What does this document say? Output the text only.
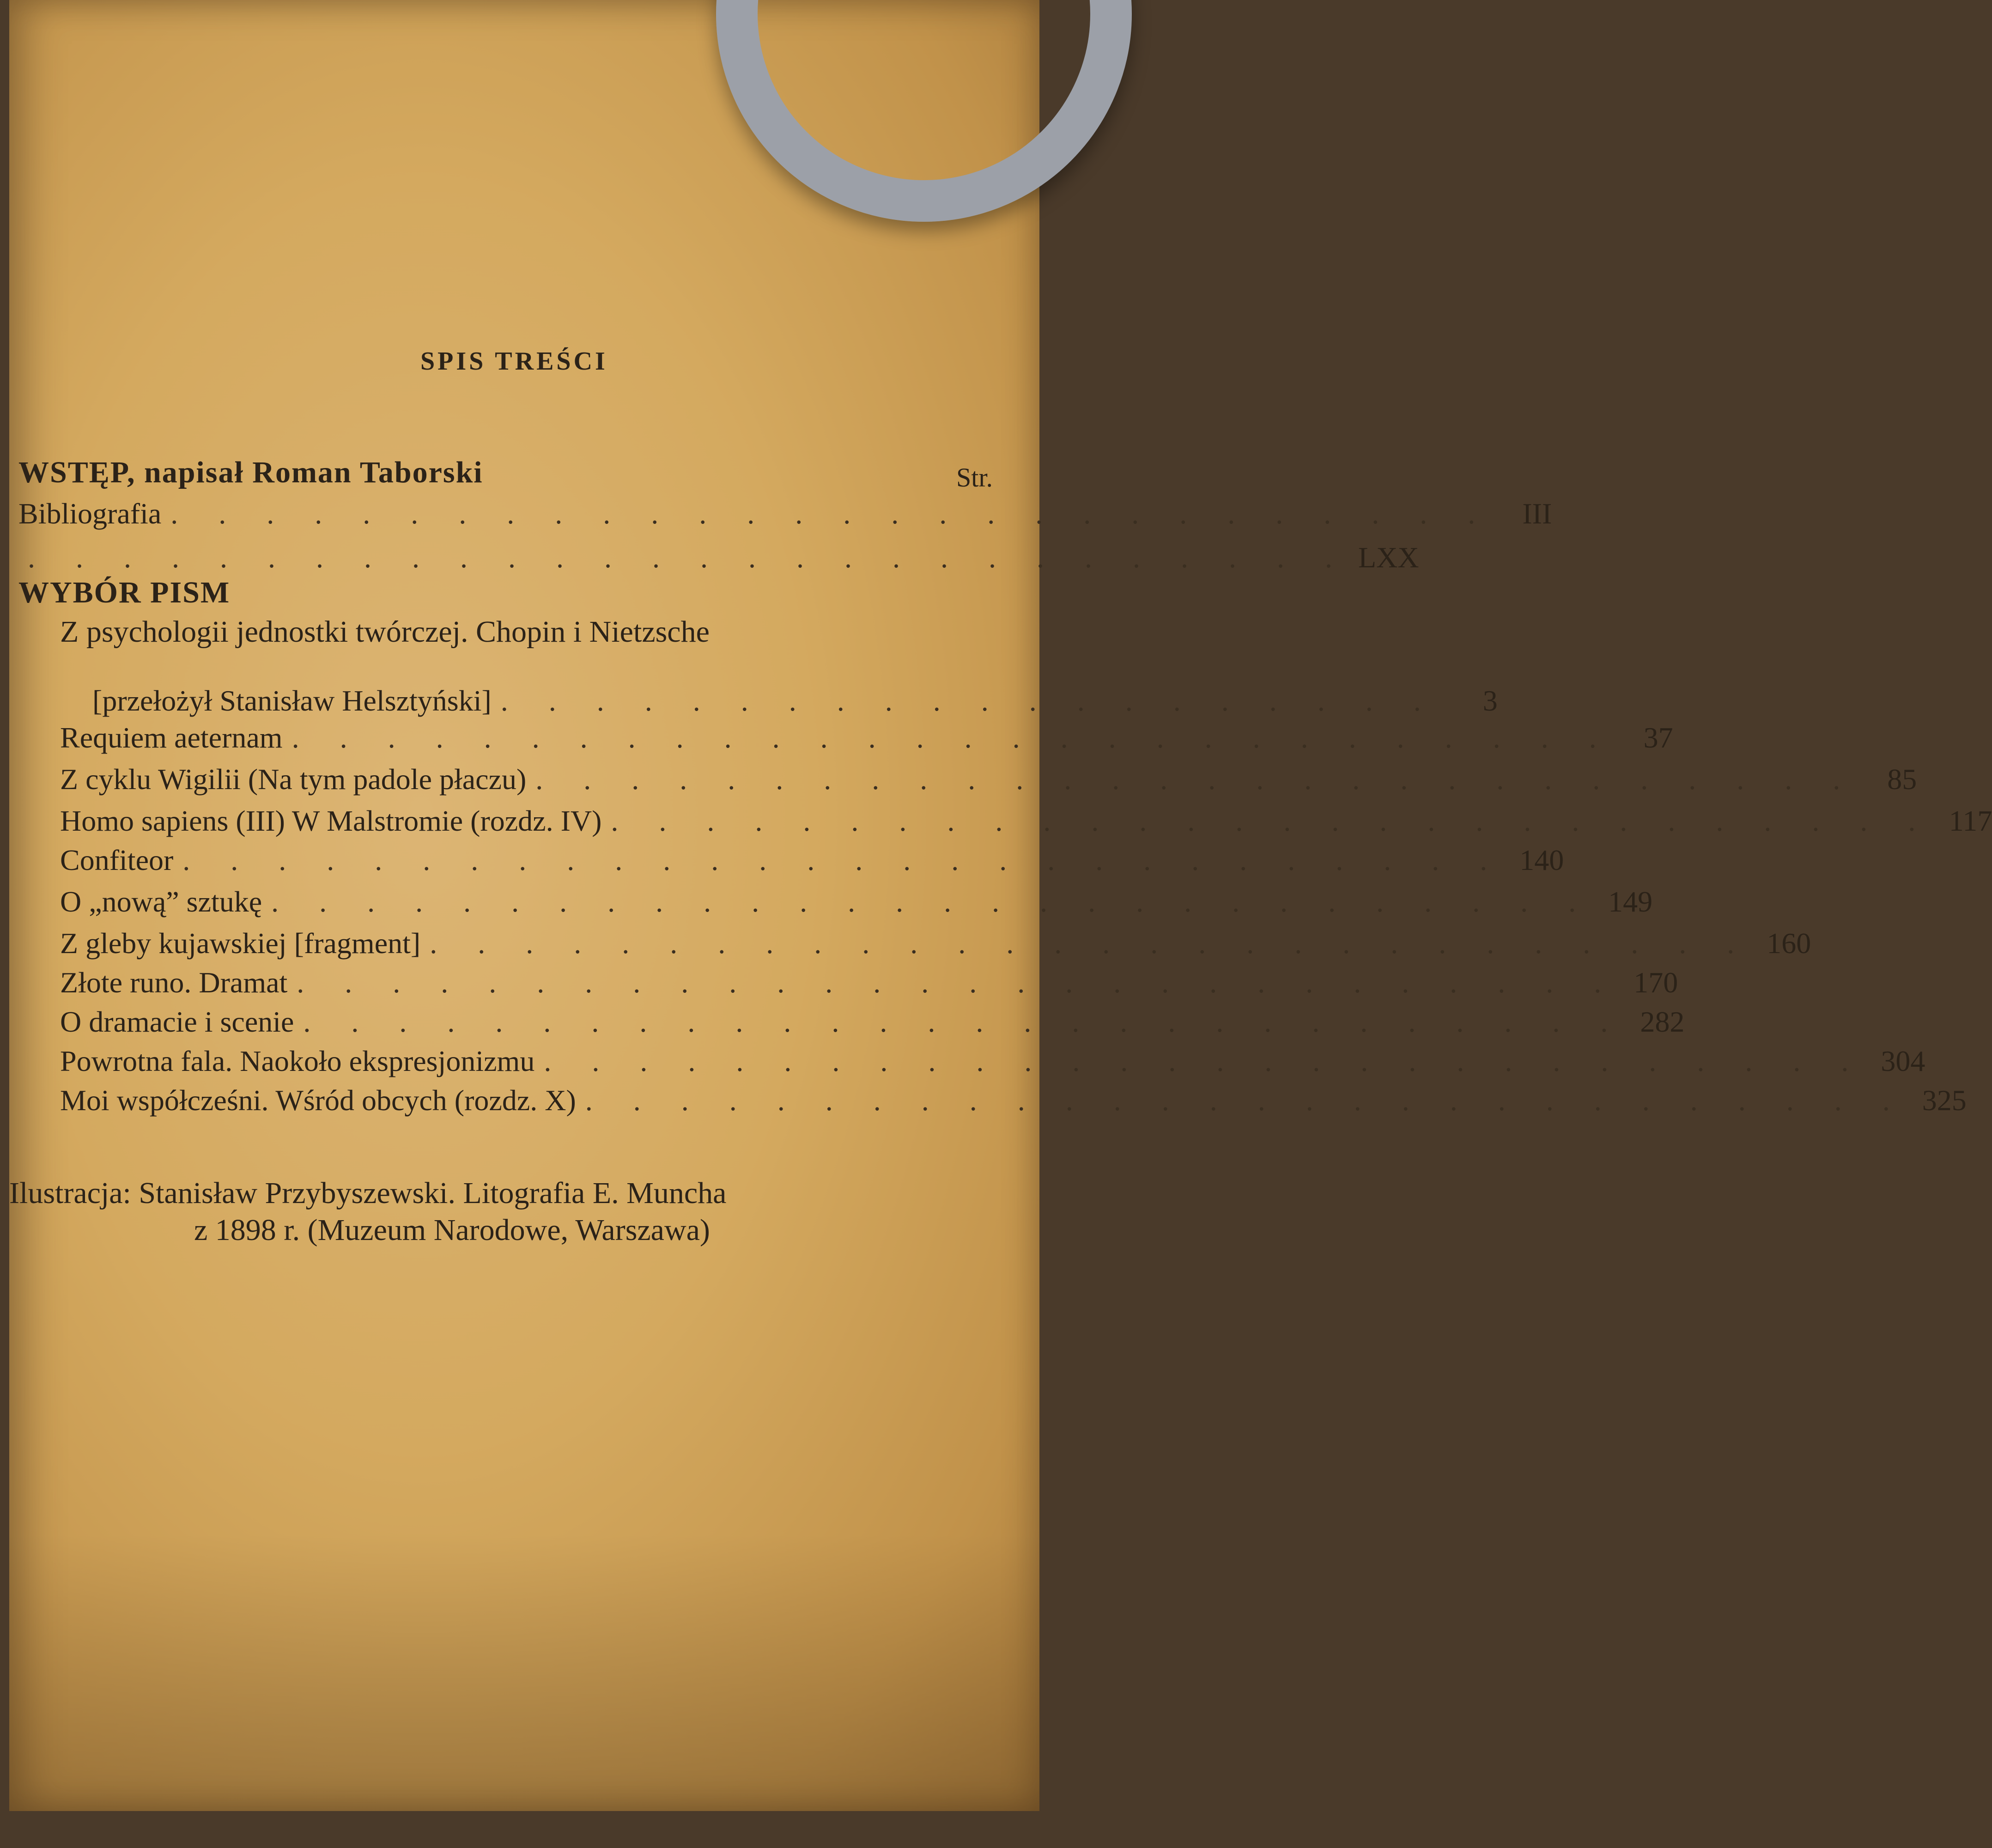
SPIS TREŚCI
WSTĘP, napisał Roman Taborski	Str.
Bibliografia . . . . . . . . . . . . . . . . . . . . . . . . . . . .	III
. . . . . . . . . . . . . . . . . . . . . . . . . . . . LXX
WYBÓR PISM
Z psychologii jednostki twórczej. Chopin i Nietzsche
[przełożył Stanisław Helsztyński] . . . . . . . . . . . . . . . . . . . .	3
Requiem aeternam . . . . . . . . . . . . . . . . . . . . . . . . . . . .	37
Z cyklu Wigilii (Na tym padole płaczu) . . . . . . . . . . . . . . . . . . . . . . . . . . . .	85
Homo sapiens (III) W Malstromie (rozdz. IV) . . . . . . . . . . . . . . . . . . . . . . . . . . . . 117
Confiteor . . . . . . . . . . . . . . . . . . . . . . . . . . . . 140
O „nową” sztukę . . . . . . . . . . . . . . . . . . . . . . . . . . . . 149
Z gleby kujawskiej [fragment] . . . . . . . . . . . . . . . . . . . . . . . . . . . . 160
Złote runo. Dramat . . . . . . . . . . . . . . . . . . . . . . . . . . . . 170
O dramacie i scenie . . . . . . . . . . . . . . . . . . . . . . . . . . . . 282
Powrotna fala. Naokoło ekspresjonizmu . . . . . . . . . . . . . . . . . . . . . . . . . . . . 304
Moi współcześni. Wśród obcych (rozdz. X) . . . . . . . . . . . . . . . . . . . . . . . . . . . . 325
Ilustracja: Stanisław Przybyszewski. Litografia E. Muncha
z 1898 r. (Muzeum Narodowe, Warszawa)
